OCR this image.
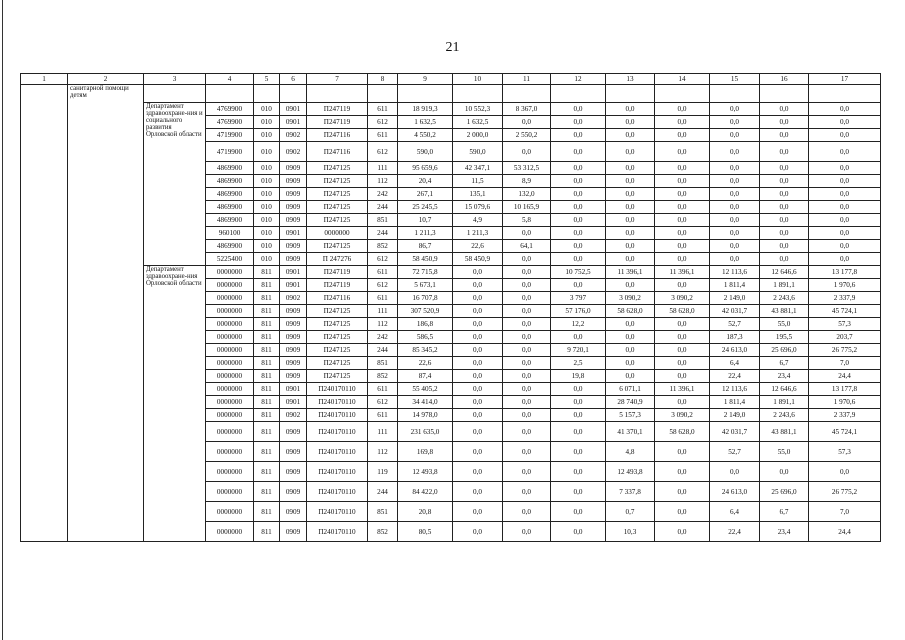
21
1	2	3	4	5	6	7	8	9	10	11	12	13	14	15	16	17
	санитарной помощи детям															
		Департамент здравоохране-ния и социального развития Орловской области	4769900	010	0901	П247119	611	18 919,3	10 552,3	8 367,0	0,0	0,0	0,0	0,0	0,0	0,0
			4769900	010	0901	П247119	612	1 632,5	1 632,5	0,0	0,0	0,0	0,0	0,0	0,0	0,0
			4719900	010	0902	П247116	611	4 550,2	2 000,0	2 550,2	0,0	0,0	0,0	0,0	0,0	0,0
			4719900	010	0902	П247116	612	590,0	590,0	0,0	0,0	0,0	0,0	0,0	0,0	0,0
			4869900	010	0909	П247125	111	95 659,6	42 347,1	53 312,5	0,0	0,0	0,0	0,0	0,0	0,0
			4869900	010	0909	П247125	112	20,4	11,5	8,9	0,0	0,0	0,0	0,0	0,0	0,0
			4869900	010	0909	П247125	242	267,1	135,1	132,0	0,0	0,0	0,0	0,0	0,0	0,0
			4869900	010	0909	П247125	244	25 245,5	15 079,6	10 165,9	0,0	0,0	0,0	0,0	0,0	0,0
			4869900	010	0909	П247125	851	10,7	4,9	5,8	0,0	0,0	0,0	0,0	0,0	0,0
			960100	010	0901	0000000	244	1 211,3	1 211,3	0,0	0,0	0,0	0,0	0,0	0,0	0,0
			4869900	010	0909	П247125	852	86,7	22,6	64,1	0,0	0,0	0,0	0,0	0,0	0,0
			5225400	010	0909	П 247276	612	58 450,9	58 450,9	0,0	0,0	0,0	0,0	0,0	0,0	0,0
		Департамент здравоохране-ния Орловской области	0000000	811	0901	П247119	611	72 715,8	0,0	0,0	10 752,5	11 396,1	11 396,1	12 113,6	12 646,6	13 177,8
			0000000	811	0901	П247119	612	5 673,1	0,0	0,0	0,0	0,0	0,0	1 811,4	1 891,1	1 970,6
			0000000	811	0902	П247116	611	16 707,8	0,0	0,0	3 797	3 090,2	3 090,2	2 149,0	2 243,6	2 337,9
			0000000	811	0909	П247125	111	307 520,9	0,0	0,0	57 176,0	58 628,0	58 628,0	42 031,7	43 881,1	45 724,1
			0000000	811	0909	П247125	112	186,8	0,0	0,0	12,2	0,0	0,0	52,7	55,0	57,3
			0000000	811	0909	П247125	242	586,5	0,0	0,0	0,0	0,0	0,0	187,3	195,5	203,7
			0000000	811	0909	П247125	244	85 345,2	0,0	0,0	9 720,1	0,0	0,0	24 613,0	25 696,0	26 775,2
			0000000	811	0909	П247125	851	22,6	0,0	0,0	2,5	0,0	0,0	6,4	6,7	7,0
			0000000	811	0909	П247125	852	87,4	0,0	0,0	19,8	0,0	0,0	22,4	23,4	24,4
			0000000	811	0901	П240170110	611	55 405,2	0,0	0,0	0,0	6 071,1	11 396,1	12 113,6	12 646,6	13 177,8
			0000000	811	0901	П240170110	612	34 414,0	0,0	0,0	0,0	28 740,9	0,0	1 811,4	1 891,1	1 970,6
			0000000	811	0902	П240170110	611	14 978,0	0,0	0,0	0,0	5 157,3	3 090,2	2 149,0	2 243,6	2 337,9
			0000000	811	0909	П240170110	111	231 635,0	0,0	0,0	0,0	41 370,1	58 628,0	42 031,7	43 881,1	45 724,1
			0000000	811	0909	П240170110	112	169,8	0,0	0,0	0,0	4,8	0,0	52,7	55,0	57,3
			0000000	811	0909	П240170110	119	12 493,8	0,0	0,0	0,0	12 493,8	0,0	0,0	0,0	0,0
			0000000	811	0909	П240170110	244	84 422,0	0,0	0,0	0,0	7 337,8	0,0	24 613,0	25 696,0	26 775,2
			0000000	811	0909	П240170110	851	20,8	0,0	0,0	0,0	0,7	0,0	6,4	6,7	7,0
			0000000	811	0909	П240170110	852	80,5	0,0	0,0	0,0	10,3	0,0	22,4	23,4	24,4
